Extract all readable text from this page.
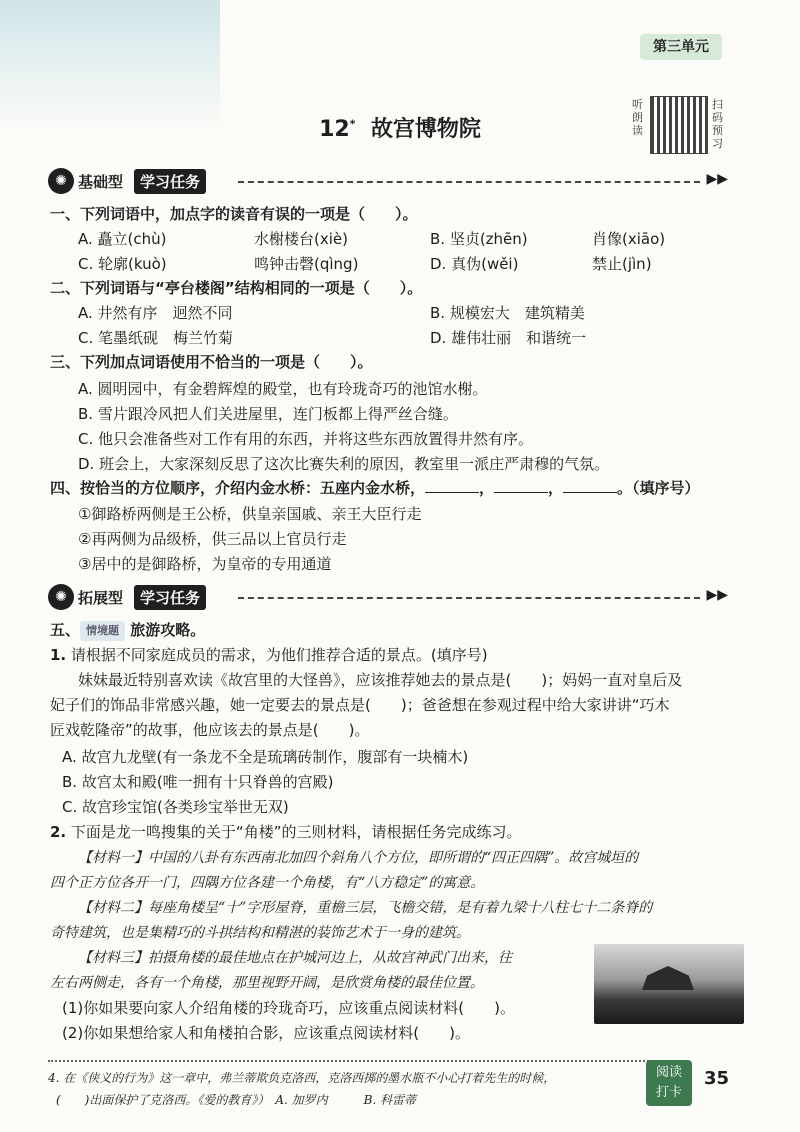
第三单元
12* 故宫博物院
听朗读
扫码预习
✺ 基础型	学习任务	▶▶
一、下列词语中，加点字的读音有误的一项是（　　）。
A. 矗立(chù)	水榭楼台(xiè)	B. 坚贞(zhēn)	肖像(xiāo)
C. 轮廓(kuò)	鸣钟击磬(qìng)	D. 真伪(wěi)	禁止(jìn)
二、下列词语与“亭台楼阁”结构相同的一项是（　　）。
A. 井然有序　迥然不同	B. 规模宏大　建筑精美
C. 笔墨纸砚　梅兰竹菊	D. 雄伟壮丽　和谐统一
三、下列加点词语使用不恰当的一项是（　　）。
A. 圆明园中，有金碧辉煌的殿堂，也有玲珑奇巧的池馆水榭。
B. 雪片跟冷风把人们关进屋里，连门板都上得严丝合缝。
C. 他只会准备些对工作有用的东西，并将这些东西放置得井然有序。
D. 班会上，大家深刻反思了这次比赛失利的原因，教室里一派庄严肃穆的气氛。
四、按恰当的方位顺序，介绍内金水桥：五座内金水桥，	，	，	。（填序号）
①御路桥两侧是王公桥，供皇亲国戚、亲王大臣行走
②再两侧为品级桥，供三品以上官员行走
③居中的是御路桥，为皇帝的专用通道
✺ 拓展型	学习任务	▶▶
五、 情境题 旅游攻略。
1. 请根据不同家庭成员的需求，为他们推荐合适的景点。(填序号)
妹妹最近特别喜欢读《故宫里的大怪兽》，应该推荐她去的景点是(　　)；妈妈一直对皇后及
妃子们的饰品非常感兴趣，她一定要去的景点是(　　)；爸爸想在参观过程中给大家讲讲“巧木
匠戏乾隆帝”的故事，他应该去的景点是(　　)。
A. 故宫九龙壁(有一条龙不全是琉璃砖制作，腹部有一块楠木)
B. 故宫太和殿(唯一拥有十只脊兽的宫殿)
C. 故宫珍宝馆(各类珍宝举世无双)
2. 下面是龙一鸣搜集的关于“角楼”的三则材料，请根据任务完成练习。
【材料一】中国的八卦有东西南北加四个斜角八个方位，即所谓的“四正四隅”。故宫城垣的
四个正方位各开一门，四隅方位各建一个角楼，有“八方稳定”的寓意。
【材料二】每座角楼呈“十”字形屋脊，重檐三层，飞檐交错，是有着九梁十八柱七十二条脊的
奇特建筑，也是集精巧的斗拱结构和精湛的装饰艺术于一身的建筑。
【材料三】拍摄角楼的最佳地点在护城河边上，从故宫神武门出来，往
左右两侧走，各有一个角楼，那里视野开阔，是欣赏角楼的最佳位置。
(1)你如果要向家人介绍角楼的玲珑奇巧，应该重点阅读材料(　　)。
(2)你如果想给家人和角楼拍合影，应该重点阅读材料(　　)。
4. 在《侠义的行为》这一章中，弗兰蒂欺负克洛西，克洛西掷的墨水瓶不小心打着先生的时候，
(　　)出面保护了克洛西。《爱的教育》）　A. 加罗内　　　B. 科雷蒂
阅读
打卡
35
